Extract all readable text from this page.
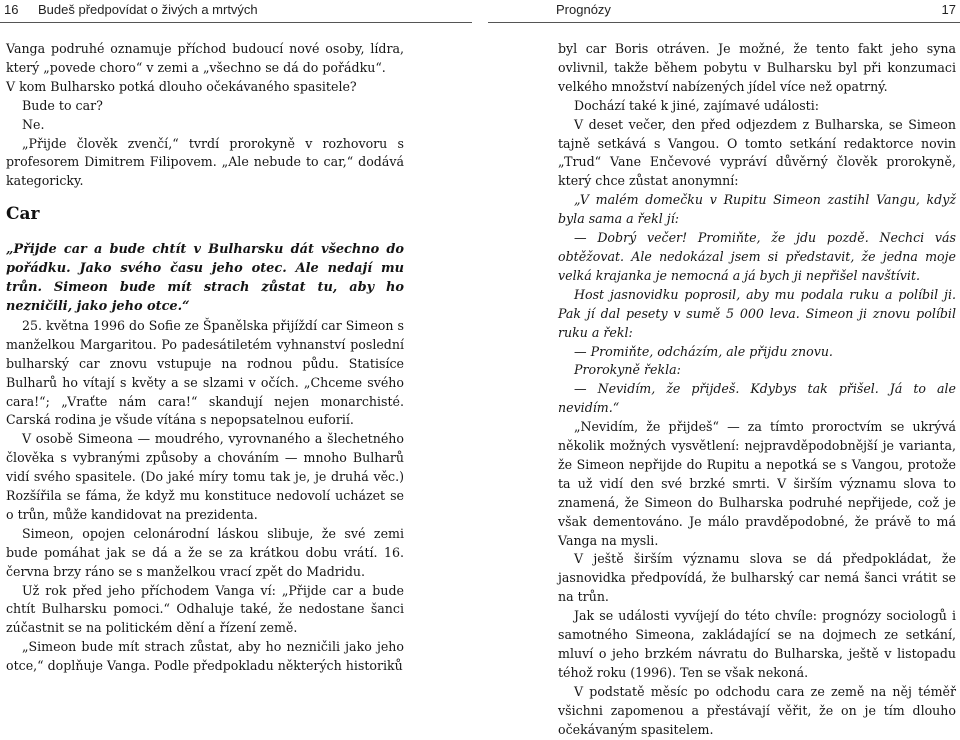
16 Budeš předpovídat o živých a mrtvých

Vanga podruhé oznamuje příchod budoucí nové osoby, lídra, který „povede choro“ v zemi a „všechno se dá do pořádku“.

V kom Bulharsko potká dlouho očekávaného spasitele?

Bude to car?

Ne.

„Přijde člověk zvenčí,“ tvrdí prorokyně v rozhovoru s profesorem Dimitrem Filipovem. „Ale nebude to car,“ dodává kategoricky.

Car

„Přijde car a bude chtít v Bulharsku dát všechno do pořádku. Jako svého času jeho otec. Ale nedají mu trůn. Simeon bude mít strach zůstat tu, aby ho nezničili, jako jeho otce.“

25. května 1996 do Sofie ze Španělska přijíždí car Simeon s manželkou Margaritou. Po padesátiletém vyhnanství poslední bulharský car znovu vstupuje na rodnou půdu. Statisíce Bulharů ho vítají s květy a se slzami v očích. „Chceme svého cara!“; „Vraťte nám cara!“ skandují nejen monarchisté. Carská rodina je všude vítána s nepopsatelnou euforií.

V osobě Simeona — moudrého, vyrovnaného a šlechetného člověka s vybranými způsoby a chováním — mnoho Bulharů vidí svého spasitele. (Do jaké míry tomu tak je, je druhá věc.) Rozšířila se fáma, že když mu konstituce nedovolí ucházet se o trůn, může kandidovat na prezidenta.

Simeon, opojen celonárodní láskou slibuje, že své zemi bude pomáhat jak se dá a že se za krátkou dobu vrátí. 16. června brzy ráno se s manželkou vrací zpět do Madridu.

Už rok před jeho příchodem Vanga ví: „Přijde car a bude chtít Bulharsku pomoci.“ Odhaluje také, že nedostane šanci zúčastnit se na politickém dění a řízení země.

„Simeon bude mít strach zůstat, aby ho nezničili jako jeho otce,“ doplňuje Vanga. Podle předpokladu některých historiků

Prognózy	17

byl car Boris otráven. Je možné, že tento fakt jeho syna ovlivnil, takže během pobytu v Bulharsku byl při konzumaci velkého množství nabízených jídel více než opatrný.

Dochází také k jiné, zajímavé události:

V deset večer, den před odjezdem z Bulharska, se Simeon tajně setkává s Vangou. O tomto setkání redaktorce novin „Trud“ Vane Enčevové vypráví důvěrný člověk prorokyně, který chce zůstat anonymní:

„V malém domečku v Rupitu Simeon zastihl Vangu, když byla sama a řekl jí:

— Dobrý večer! Promiňte, že jdu pozdě. Nechci vás obtěžovat. Ale nedokázal jsem si představit, že jedna moje velká krajanka je nemocná a já bych ji nepřišel navštívit.

Host jasnovidku poprosil, aby mu podala ruku a políbil ji. Pak jí dal pesety v sumě 5 000 leva. Simeon ji znovu políbil ruku a řekl:

— Promiňte, odcházím, ale přijdu znovu.

Prorokyně řekla:

— Nevidím, že přijdeš. Kdybys tak přišel. Já to ale nevidím.“

„Nevidím, že přijdeš“ — za tímto proroctvím se ukrývá několik možných vysvětlení: nejpravděpodobnější je varianta, že Simeon nepřijde do Rupitu a nepotká se s Vangou, protože ta už vidí den své brzké smrti. V širším významu slova to znamená, že Simeon do Bulharska podruhé nepřijede, což je však dementováno. Je málo pravděpodobné, že právě to má Vanga na mysli.

V ještě širším významu slova se dá předpokládat, že jasnovidka předpovídá, že bulharský car nemá šanci vrátit se na trůn.

Jak se události vyvíjejí do této chvíle: prognózy sociologů i samotného Simeona, zakládající se na dojmech ze setkání, mluví o jeho brzkém návratu do Bulharska, ještě v listopadu téhož roku (1996). Ten se však nekoná.

V podstatě měsíc po odchodu cara ze země na něj téměř všichni zapomenou a přestávají věřit, že on je tím dlouho očekávaným spasitelem.
